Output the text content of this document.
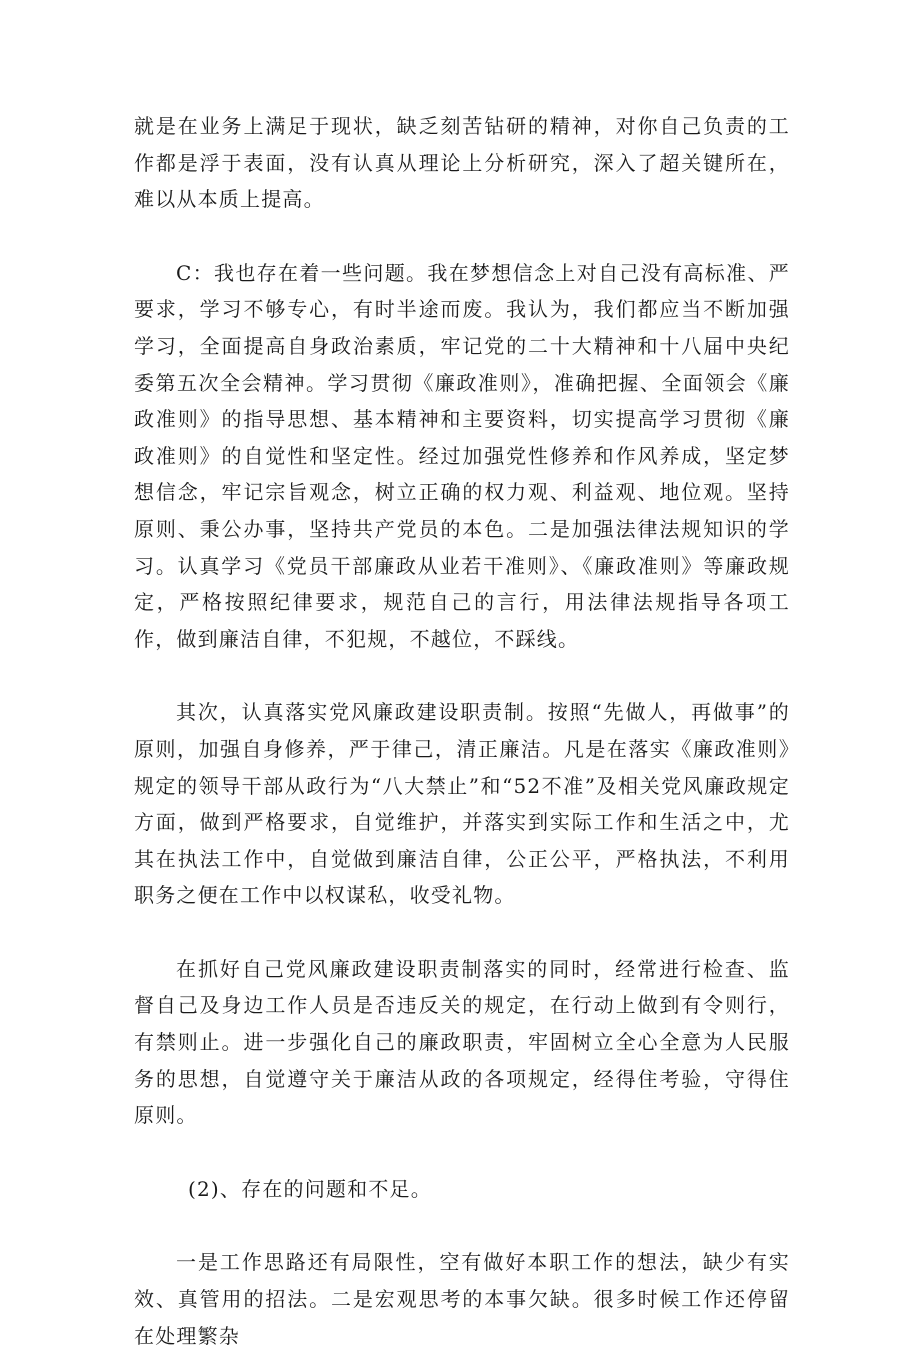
就是在业务上满足于现状，缺乏刻苦钻研的精神，对你自己负责的工作都是浮于表面，没有认真从理论上分析研究，深入了超关键所在，难以从本质上提高。

C：我也存在着一些问题。我在梦想信念上对自己没有高标准、严要求，学习不够专心，有时半途而废。我认为，我们都应当不断加强学习，全面提高自身政治素质，牢记党的二十大精神和十八届中央纪委第五次全会精神。学习贯彻《廉政准则》，准确把握、全面领会《廉政准则》的指导思想、基本精神和主要资料，切实提高学习贯彻《廉政准则》的自觉性和坚定性。经过加强党性修养和作风养成，坚定梦想信念，牢记宗旨观念，树立正确的权力观、利益观、地位观。坚持原则、秉公办事，坚持共产党员的本色。二是加强法律法规知识的学习。认真学习《党员干部廉政从业若干准则》、《廉政准则》等廉政规定，严格按照纪律要求，规范自己的言行，用法律法规指导各项工作，做到廉洁自律，不犯规，不越位，不踩线。

其次，认真落实党风廉政建设职责制。按照“先做人，再做事”的原则，加强自身修养，严于律己，清正廉洁。凡是在落实《廉政准则》规定的领导干部从政行为“八大禁止”和“52不准”及相关党风廉政规定方面，做到严格要求，自觉维护，并落实到实际工作和生活之中，尤其在执法工作中，自觉做到廉洁自律，公正公平，严格执法，不利用职务之便在工作中以权谋私，收受礼物。

在抓好自己党风廉政建设职责制落实的同时，经常进行检查、监督自己及身边工作人员是否违反关的规定，在行动上做到有令则行，有禁则止。进一步强化自己的廉政职责，牢固树立全心全意为人民服务的思想，自觉遵守关于廉洁从政的各项规定，经得住考验，守得住原则。

(2)、存在的问题和不足。

一是工作思路还有局限性，空有做好本职工作的想法，缺少有实效、真管用的招法。二是宏观思考的本事欠缺。很多时候工作还停留在处理繁杂
